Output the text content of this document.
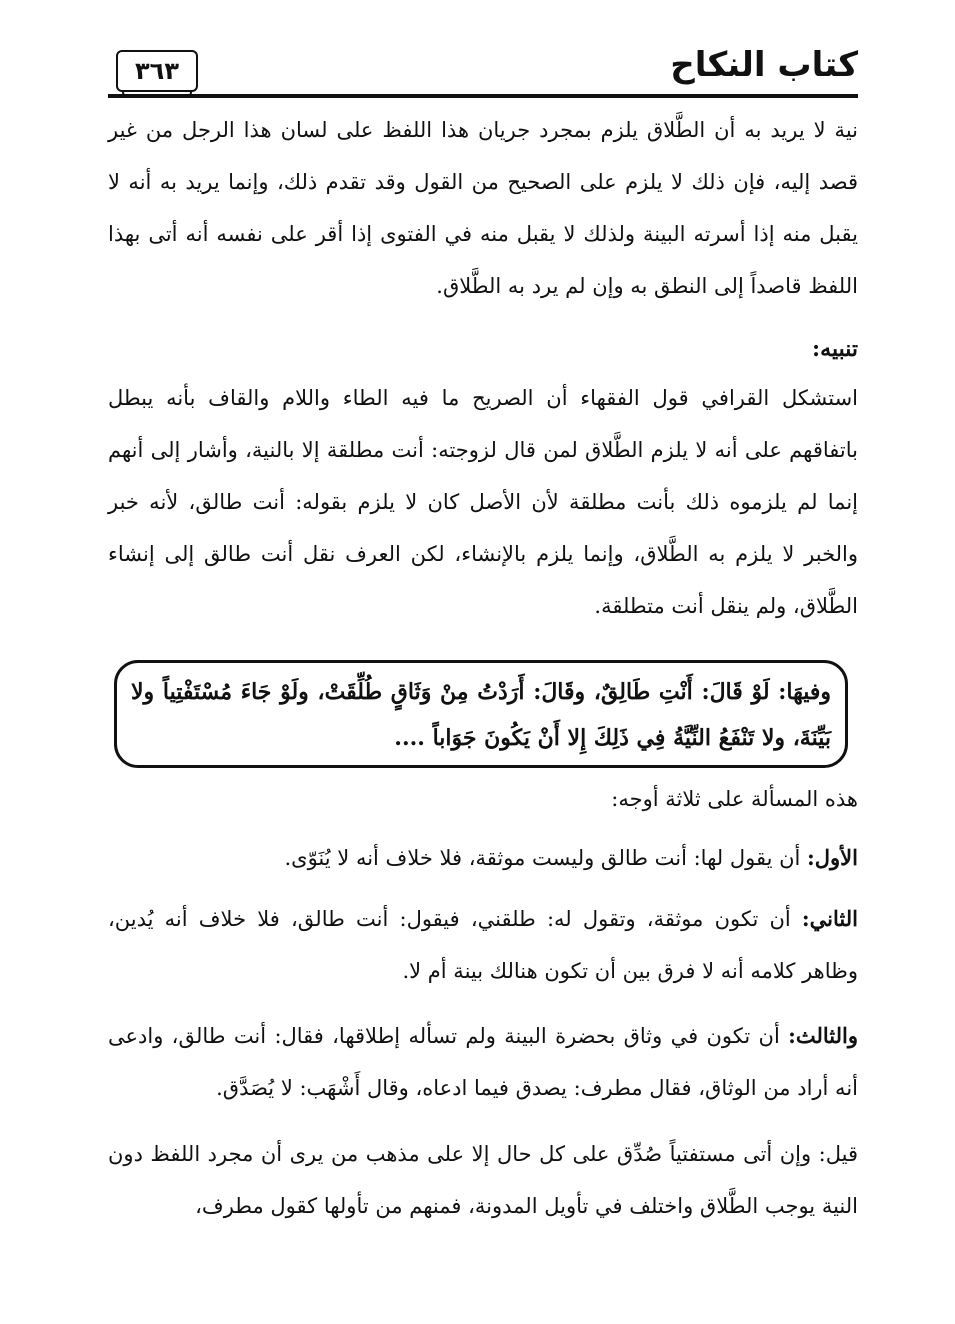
كتاب النكاح
٣٦٣

نية لا يريد به أن الطَّلاق يلزم بمجرد جريان هذا اللفظ على لسان هذا الرجل من غير قصد إليه، فإن ذلك لا يلزم على الصحيح من القول وقد تقدم ذلك، وإنما يريد به أنه لا يقبل منه إذا أسرته البينة ولذلك لا يقبل منه في الفتوى إذا أقر على نفسه أنه أتى بهذا اللفظ قاصداً إلى النطق به وإن لم يرد به الطَّلاق.

تنبيه:

استشكل القرافي قول الفقهاء أن الصريح ما فيه الطاء واللام والقاف بأنه يبطل باتفاقهم على أنه لا يلزم الطَّلاق لمن قال لزوجته: أنت مطلقة إلا بالنية، وأشار إلى أنهم إنما لم يلزموه ذلك بأنت مطلقة لأن الأصل كان لا يلزم بقوله: أنت طالق، لأنه خبر والخبر لا يلزم به الطَّلاق، وإنما يلزم بالإنشاء، لكن العرف نقل أنت طالق إلى إنشاء الطَّلاق، ولم ينقل أنت متطلقة.

وفيهَا: لَوْ قَالَ: أَنْتِ طَالِقٌ، وقَالَ: أَرَدْتُ مِنْ وَثَاقٍ طُلِّقَتْ، ولَوْ جَاءَ مُسْتَفْتِياً ولا بَيِّنَةَ، ولا تَنْفَعُ النِّيَّةُ فِي ذَلِكَ إِلا أَنْ يَكُونَ جَوَاباً ....

هذه المسألة على ثلاثة أوجه:

الأول: أن يقول لها: أنت طالق وليست موثقة، فلا خلاف أنه لا يُنَوّى.

الثاني: أن تكون موثقة، وتقول له: طلقني، فيقول: أنت طالق، فلا خلاف أنه يُدين، وظاهر كلامه أنه لا فرق بين أن تكون هنالك بينة أم لا.

والثالث: أن تكون في وثاق بحضرة البينة ولم تسأله إطلاقها، فقال: أنت طالق، وادعى أنه أراد من الوثاق، فقال مطرف: يصدق فيما ادعاه، وقال أَشْهَب: لا يُصَدَّق.

قيل: وإن أتى مستفتياً صُدِّق على كل حال إلا على مذهب من يرى أن مجرد اللفظ دون النية يوجب الطَّلاق واختلف في تأويل المدونة، فمنهم من تأولها كقول مطرف،
